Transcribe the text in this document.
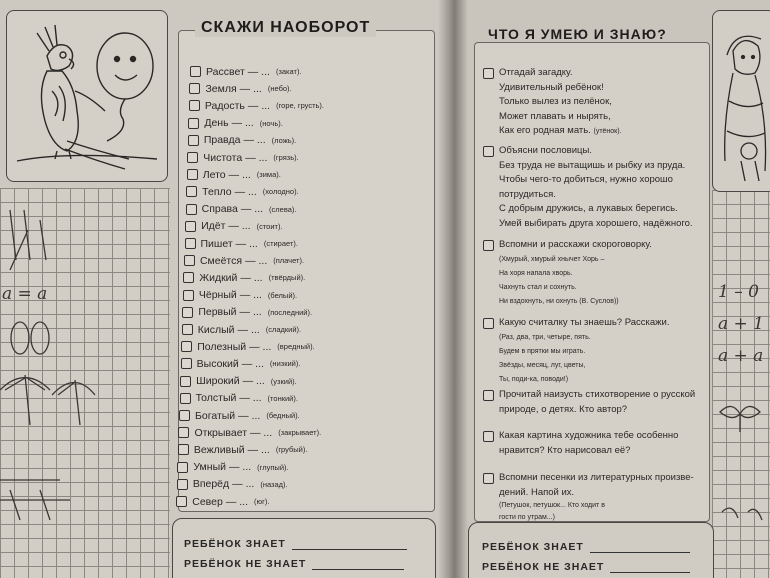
a = a
СКАЖИ НАОБОРОТ
Рассвет — ...	( закат ).
Земля — ...	( небо ).
Радость — ...	( горе, грусть ).
День — ...	( ночь ).
Правда — ...	( ложь ).
Чистота — ...	( грязь ).
Лето — ...	( зима ).
Тепло — ...	( холодно ).
Справа — ...	( слева ).
Идёт — ...	( стоит ).
Пишет — ...	( стирает ).
Смеётся — ...	( плачет ).
Жидкий — ...	( твёрдый ).
Чёрный — ...	( белый ).
Первый — ...	( последний ).
Кислый — ...	( сладкий ).
Полезный — ...	( вредный ).
Высокий — ...	( низкий ).
Широкий — ...	( узкий ).
Толстый — ...	( тонкий ).
Богатый — ...	( бедный ).
Открывает — ...	( закрывает ).
Вежливый — ...	( грубый ).
Умный — ...	( глупый ).
Вперёд — ...	( назад ).
Север — ...	( юг ).
РЕБЁНОК ЗНАЕТ
РЕБЁНОК НЕ ЗНАЕТ
1 – 0
a + 1
a + a
ЧТО Я УМЕЮ И ЗНАЮ?
Отгадай загадку.
Удивительный ребёнок!
Только вылез из пелёнок,
Может плавать и нырять,
Как его родная мать. (утёнок).
Объясни пословицы.
Без труда не вытащишь и рыбку из пруда.
Чтобы чего-то добиться, нужно хорошо
потрудиться.
С добрым дружись, а лукавых берегись.
Умей выбирать друга хорошего, надёжного.
Вспомни и расскажи скороговорку.
(Хмурый, хмурый хнычет Хорь –
На хоря напала хворь.
Чахнуть стал и сохнуть.
Ни вздохнуть, ни охнуть (В. Суслов))
Какую считалку ты знаешь? Расскажи.
(Раз, два, три, четыре, пять.
Будем в прятки мы играть.
Звёзды, месяц, луг, цветы,
Ты, поди-ка, поводи!)
Прочитай наизусть стихотворение о русской
природе, о детях. Кто автор?
Какая картина художника тебе особенно
нравится? Кто нарисовал её?
Вспомни песенки из литературных произве-
дений. Напой их.
(Петушок, петушок... Кто ходит в
гости по утрам...)
РЕБЁНОК ЗНАЕТ
РЕБЁНОК НЕ ЗНАЕТ
